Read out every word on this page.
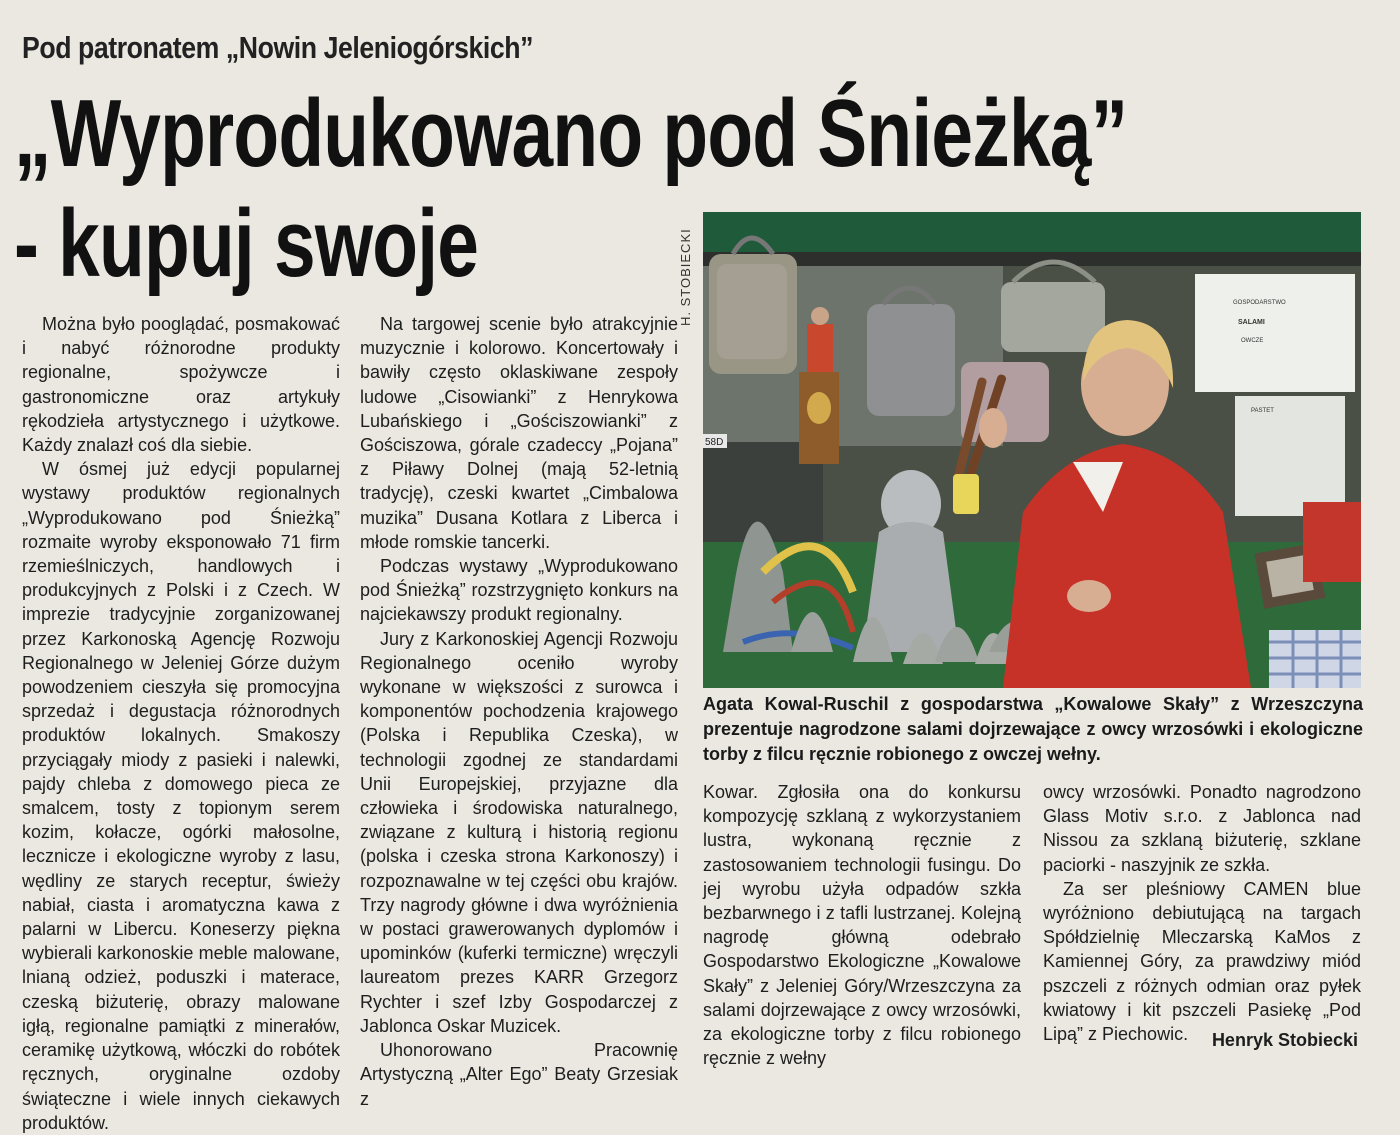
Pod patronatem „Nowin Jeleniogórskich”
„Wyprodukowano pod Śnieżką”
- kupuj swoje

Można było pooglądać, posmakować i nabyć różnorodne produkty regionalne, spożywcze i gastronomiczne oraz artykuły rękodzieła artystycznego i użytkowe. Każdy znalazł coś dla siebie.

W ósmej już edycji popularnej wystawy produktów regionalnych „Wyprodukowano pod Śnieżką” rozmaite wyroby eksponowało 71 firm rzemieślniczych, handlowych i produkcyjnych z Polski i z Czech. W imprezie tradycyjnie zorganizowanej przez Karkonoską Agencję Rozwoju Regionalnego w Jeleniej Górze dużym powodzeniem cieszyła się promocyjna sprzedaż i degustacja różnorodnych produktów lokalnych. Smakoszy przyciągały miody z pasieki i nalewki, pajdy chleba z domowego pieca ze smalcem, tosty z topionym serem kozim, kołacze, ogórki małosolne, lecznicze i ekologiczne wyroby z lasu, wędliny ze starych receptur, świeży nabiał, ciasta i aromatyczna kawa z palarni w Libercu. Koneserzy piękna wybierali karkonoskie meble malowane, lnianą odzież, poduszki i materace, czeską biżuterię, obrazy malowane igłą, regionalne pamiątki z minerałów, ceramikę użytkową, włóczki do robótek ręcznych, oryginalne ozdoby świąteczne i wiele innych ciekawych produktów.

Na targowej scenie było atrakcyjnie muzycznie i kolorowo. Koncertowały i bawiły często oklaskiwane zespoły ludowe „Cisowianki” z Henrykowa Lubańskiego i „Gościszowianki” z Gościszowa, górale czadeccy „Pojana” z Piławy Dolnej (mają 52-letnią tradycję), czeski kwartet „Cimbalowa muzika” Dusana Kotlara z Liberca i młode romskie tancerki.

Podczas wystawy „Wyprodukowano pod Śnieżką” rozstrzygnięto konkurs na najciekawszy produkt regionalny.

Jury z Karkonoskiej Agencji Rozwoju Regionalnego oceniło wyroby wykonane w większości z surowca i komponentów pochodzenia krajowego (Polska i Republika Czeska), w technologii zgodnej ze standardami Unii Europejskiej, przyjazne dla człowieka i środowiska naturalnego, związane z kulturą i historią regionu (polska i czeska strona Karkonoszy) i rozpoznawalne w tej części obu krajów. Trzy nagrody główne i dwa wyróżnienia w postaci grawerowanych dyplomów i upominków (kuferki termiczne) wręczyli laureatom prezes KARR Grzegorz Rychter i szef Izby Gospodarczej z Jablonca Oskar Muzicek.

Uhonorowano Pracownię Artystyczną „Alter Ego” Beaty Grzesiak z

H. STOBIECKI	GOSPODARSTWO
SALAMI
OWCZE
PASTET
58D
Agata Kowal-Ruschil z gospodarstwa „Kowalowe Skały” z Wrzeszczyna prezentuje nagrodzone salami dojrzewające z owcy wrzosówki i ekologiczne torby z filcu ręcznie robionego z owczej wełny.

Kowar. Zgłosiła ona do konkursu kompozycję szklaną z wykorzystaniem lustra, wykonaną ręcznie z zastosowaniem technologii fusingu. Do jej wyrobu użyła odpadów szkła bezbarwnego i z tafli lustrzanej. Kolejną nagrodę główną odebrało Gospodarstwo Ekologiczne „Kowalowe Skały” z Jeleniej Góry/Wrzeszczyna za salami dojrzewające z owcy wrzosówki, za ekologiczne torby z filcu robionego ręcznie z wełny

owcy wrzosówki. Ponadto nagrodzono Glass Motiv s.r.o. z Jablonca nad Nissou za szklaną biżuterię, szklane paciorki - naszyjnik ze szkła.

Za ser pleśniowy CAMEN blue wyróżniono debiutującą na targach Spółdzielnię Mleczarską KaMos z Kamiennej Góry, za prawdziwy miód pszczeli z różnych odmian oraz pyłek kwiatowy i kit pszczeli Pasiekę „Pod Lipą” z Piechowic.	Henryk Stobiecki
